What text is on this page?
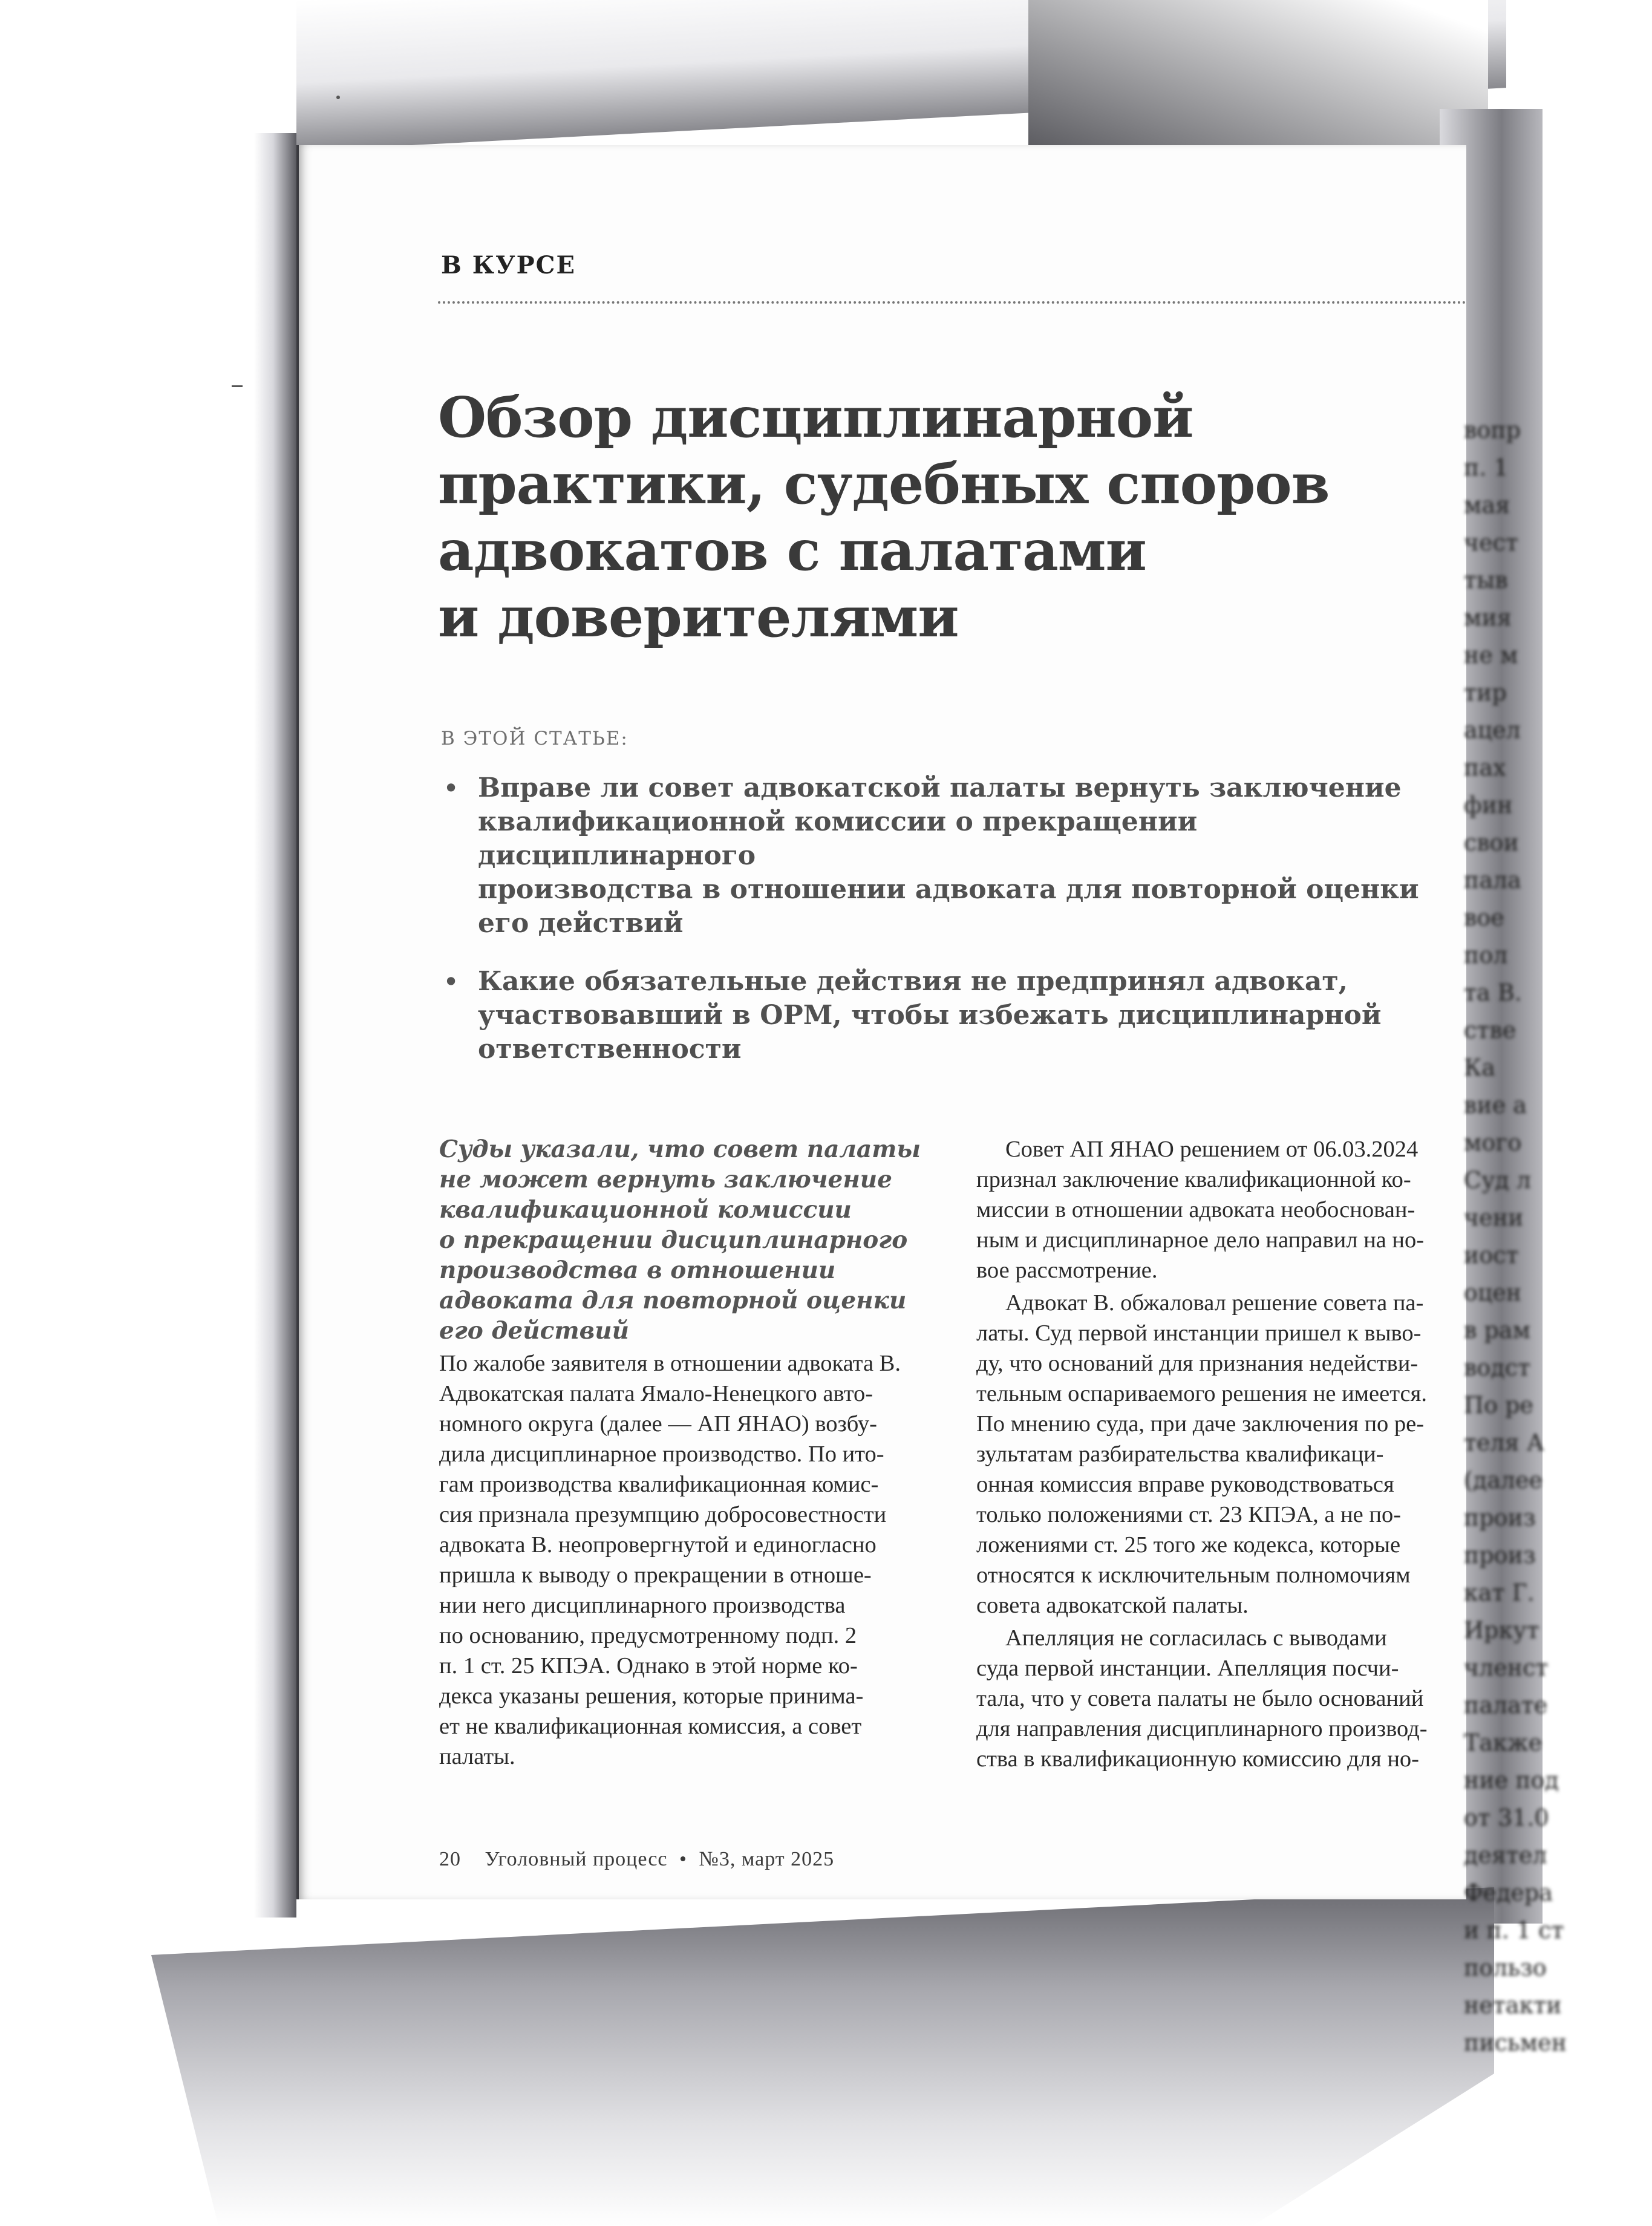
В КУРСЕ
Обзор дисциплинарной
практики, судебных споров
адвокатов с палатами
и доверителями
В ЭТОЙ СТАТЬЕ:
• Вправе ли совет адвокатской палаты вернуть заключение
квалификационной комиссии о прекращении дисциплинарного
производства в отношении адвоката для повторной оценки
его действий
• Какие обязательные действия не предпринял адвокат,
участвовавший в ОРМ, чтобы избежать дисциплинарной
ответственности
Суды указали, что совет палаты
не может вернуть заключение
квалификационной комиссии
о прекращении дисциплинарного
производства в отношении
адвоката для повторной оценки
его действий
По жалобе заявителя в отношении адвоката В.
Адвокатская палата Ямало-Ненецкого авто-
номного округа (далее — АП ЯНАО) возбу-
дила дисциплинарное производство. По ито-
гам производства квалификационная комис-
сия признала презумпцию добросовестности
адвоката В. неопровергнутой и единогласно
пришла к выводу о прекращении в отноше-
нии него дисциплинарного производства
по основанию, предусмотренному подп. 2
п. 1 ст. 25 КПЭА. Однако в этой норме ко-
декса указаны решения, которые принима-
ет не квалификационная комиссия, а совет
палаты.
Совет АП ЯНАО решением от 06.03.2024
признал заключение квалификационной ко-
миссии в отношении адвоката необоснован-
ным и дисциплинарное дело направил на но-
вое рассмотрение.
Адвокат В. обжаловал решение совета па-
латы. Суд первой инстанции пришел к выво-
ду, что оснований для признания недействи-
тельным оспариваемого решения не имеется.
По мнению суда, при даче заключения по ре-
зультатам разбирательства квалификаци-
онная комиссия вправе руководствоваться
только положениями ст. 23 КПЭА, а не по-
ложениями ст. 25 того же кодекса, которые
относятся к исключительным полномочиям
совета адвокатской палаты.
Апелляция не согласилась с выводами
суда первой инстанции. Апелляция посчи-
тала, что у совета палаты не было оснований
для направления дисциплинарного производ-
ства в квалификационную комиссию для но-
20 Уголовный процесс • №3, март 2025
вопр
п. 1
мая
чест
тыв
мия
не м
тир
ацел
пах
фин
свои
пала
вое
пол
та В.
стве
Ка
вие а
мого
Суд л
чени
иост
оцен
в рам
водст
По ре
теля А
(далее
произ
произ
кат Г.
Иркут
членст
палате
Также
ние под
от 31.0
деятел
Федера
и п. 1 ст
пользо
нетакти
письмен
